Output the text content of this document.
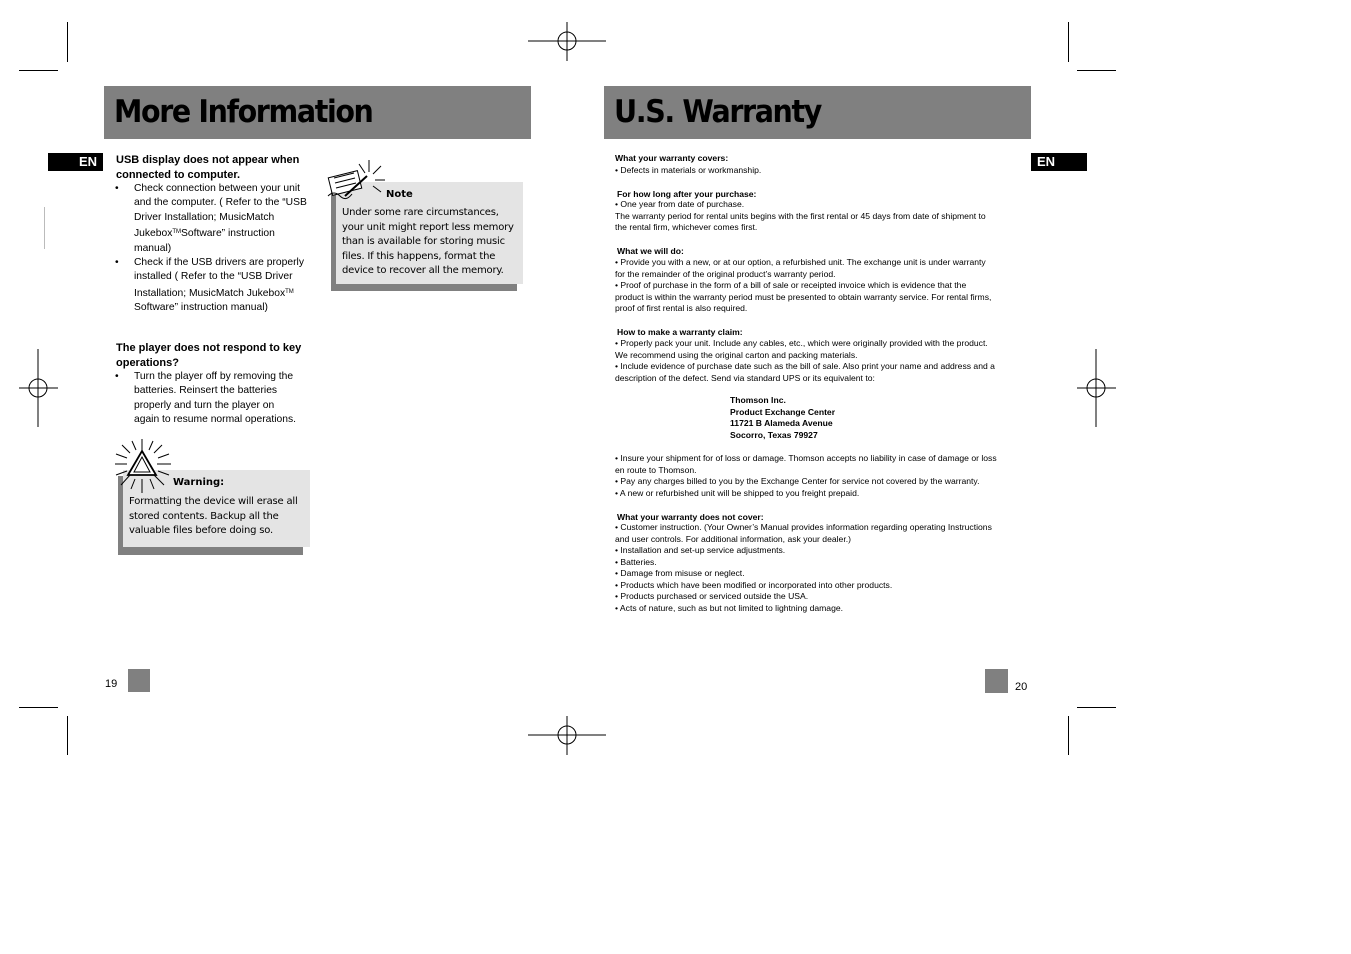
More Information
EN USB display does not appear when
connected to computer.
• Check connection between your unit
and the computer. ( Refer to the “USB
Driver Installation; MusicMatch
Jukebox™Software” instruction
manual)
• Check if the USB drivers are properly
installed ( Refer to the “USB Driver
Installation; MusicMatch Jukebox™
Software” instruction manual)
The player does not respond to key
operations?
• Turn the player off by removing the
batteries. Reinsert the batteries
properly and turn the player on
again to resume normal operations.
Warning:
Formatting the device will erase all
stored contents. Backup all the
valuable files before doing so.
Note
Under some rare circumstances,
your unit might report less memory
than is available for storing music
files. If this happens, format the
device to recover all the memory.
19
U.S. Warranty
EN
What your warranty covers:
• Defects in materials or workmanship.
For how long after your purchase:
• One year from date of purchase.
The warranty period for rental units begins with the first rental or 45 days from date of shipment to
the rental firm, whichever comes first.
What we will do:
• Provide you with a new, or at our option, a refurbished unit. The exchange unit is under warranty
for the remainder of the original product’s warranty period.
• Proof of purchase in the form of a bill of sale or receipted invoice which is evidence that the
product is within the warranty period must be presented to obtain warranty service. For rental firms,
proof of first rental is also required.
How to make a warranty claim:
• Properly pack your unit. Include any cables, etc., which were originally provided with the product.
We recommend using the original carton and packing materials.
• Include evidence of purchase date such as the bill of sale. Also print your name and address and a
description of the defect. Send via standard UPS or its equivalent to:
Thomson Inc.
Product Exchange Center
11721 B Alameda Avenue
Socorro, Texas 79927
• Insure your shipment for of loss or damage. Thomson accepts no liability in case of damage or loss
en route to Thomson.
• Pay any charges billed to you by the Exchange Center for service not covered by the warranty.
• A new or refurbished unit will be shipped to you freight prepaid.
What your warranty does not cover:
• Customer instruction. (Your Owner’s Manual provides information regarding operating Instructions
and user controls. For additional information, ask your dealer.)
• Installation and set-up service adjustments.
• Batteries.
• Damage from misuse or neglect.
• Products which have been modified or incorporated into other products.
• Products purchased or serviced outside the USA.
• Acts of nature, such as but not limited to lightning damage.
20
